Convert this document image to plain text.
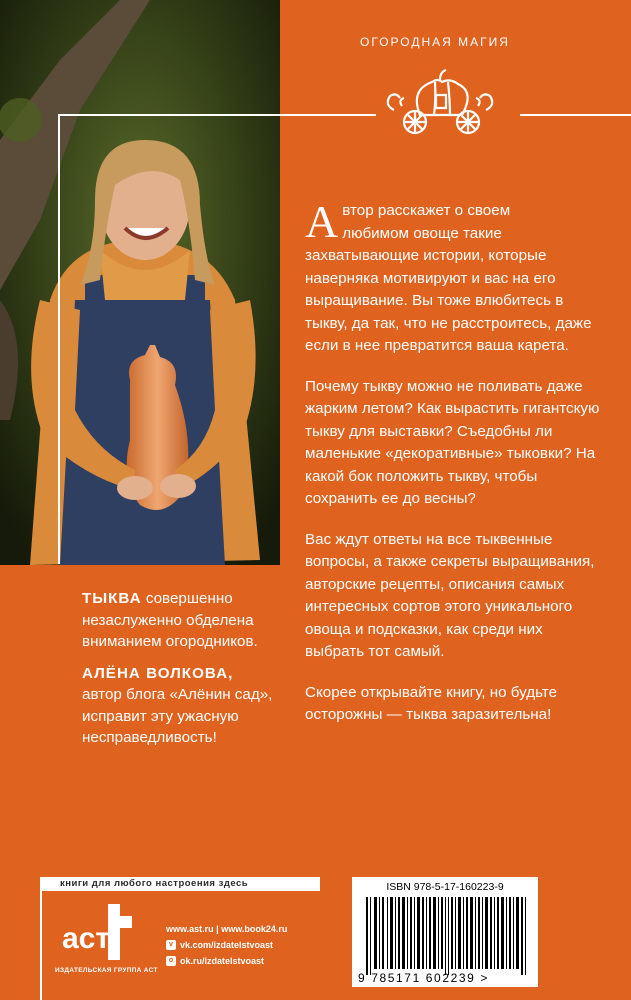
ОГОРОДНАЯ МАГИЯ

А втор расскажет о своем
любимом овоще такие захватывающие истории, которые наверняка мотивируют и вас на его выращивание. Вы тоже влюбитесь в тыкву, да так, что не расстроитесь, даже если в нее превратится ваша карета.

Почему тыкву можно не поливать даже жарким летом? Как вырастить гигантскую тыкву для выставки? Съедобны ли маленькие «декоративные» тыковки? На какой бок положить тыкву, чтобы сохранить ее до весны?

Вас ждут ответы на все тыквенные вопросы, а также секреты выращивания, авторские рецепты, описания самых интересных сортов этого уникального овоща и подсказки, как среди них выбрать тот самый.

Скорее открывайте книгу, но будьте осторожны — тыква заразительна!

ТЫКВА совершенно незаслуженно обделена вниманием огородников.

АЛЁНА ВОЛКОВА,
автор блога «Алёнин сад», исправит эту ужасную несправедливость!

книги для любого настроения здесь
аст
ИЗДАТЕЛЬСКАЯ ГРУППА АСТ
www.ast.ru | www.book24.ru
v vk.com/izdatelstvoast
o ok.ru/izdatelstvoast
ISBN 978-5-17-160223-9
9 785171 602239 >
